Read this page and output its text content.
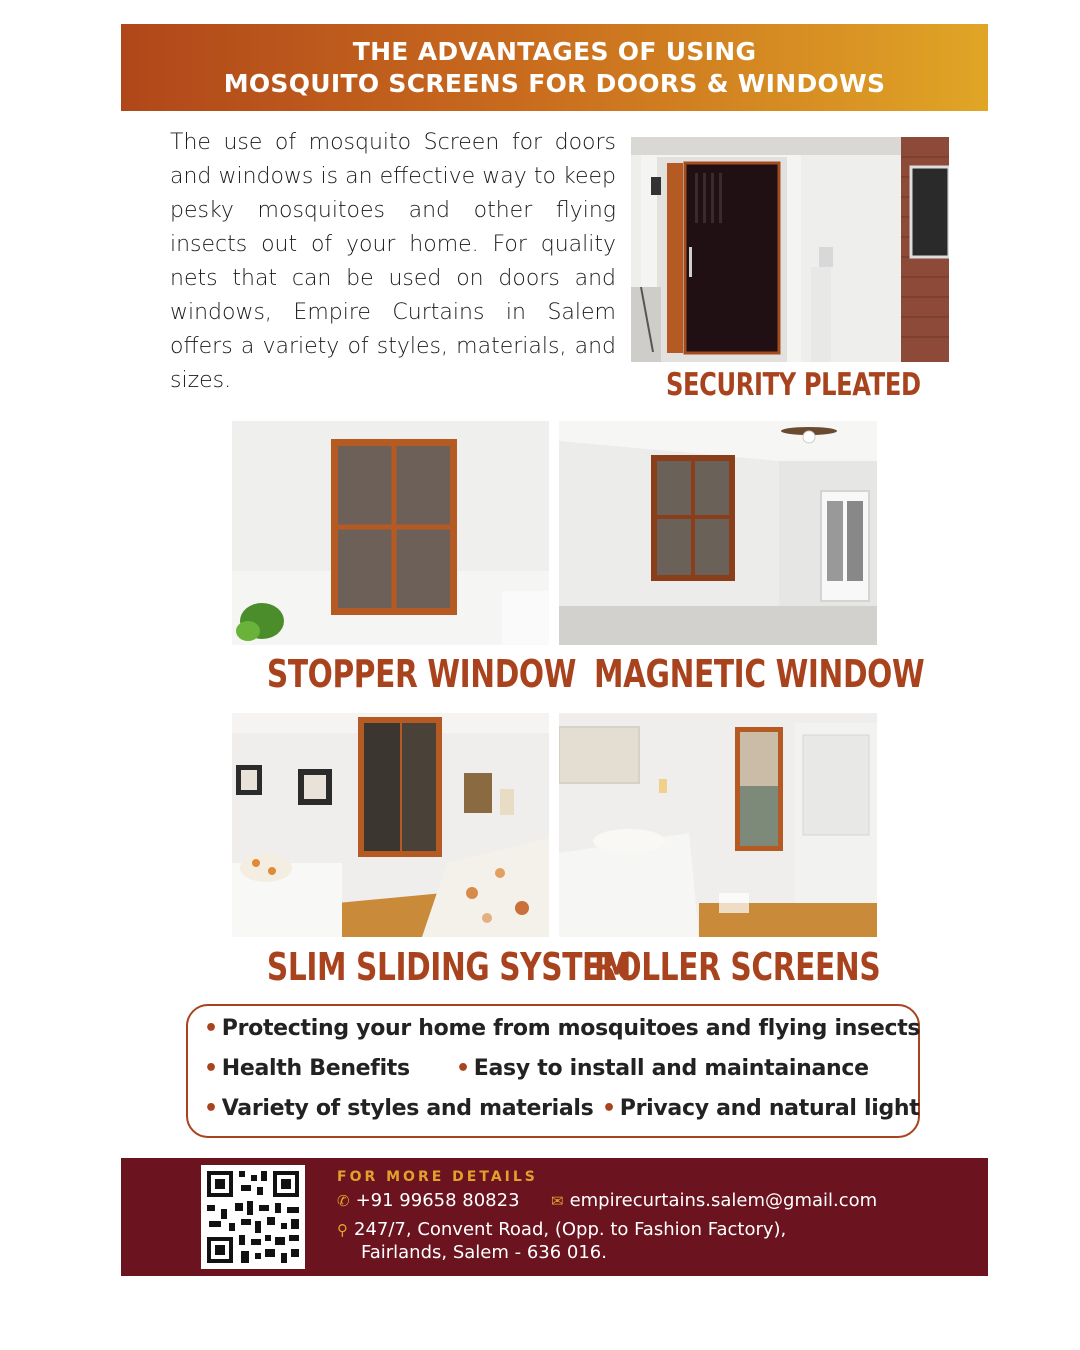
THE ADVANTAGES OF USING
MOSQUITO SCREENS FOR DOORS & WINDOWS
The use of mosquito Screen for doors and windows is an effective way to keep pesky mosquitoes and other flying insects out of your home. For quality nets that can be used on doors and windows, Empire Curtains in Salem offers a variety of styles, materials, and sizes.	SECURITY PLEATED
STOPPER WINDOW MAGNETIC WINDOW
SLIM SLIDING SYSTEM
ROLLER SCREENS
• Protecting your home from mosquitoes and flying insects
• Health Benefits • Easy to install and maintainance
• Variety of styles and materials • Privacy and natural light
FOR MORE DETAILS
✆ +91 99658 80823 ✉ empirecurtains.salem@gmail.com
⚲ 247/7, Convent Road, (Opp. to Fashion Factory),
Fairlands, Salem - 636 016.
